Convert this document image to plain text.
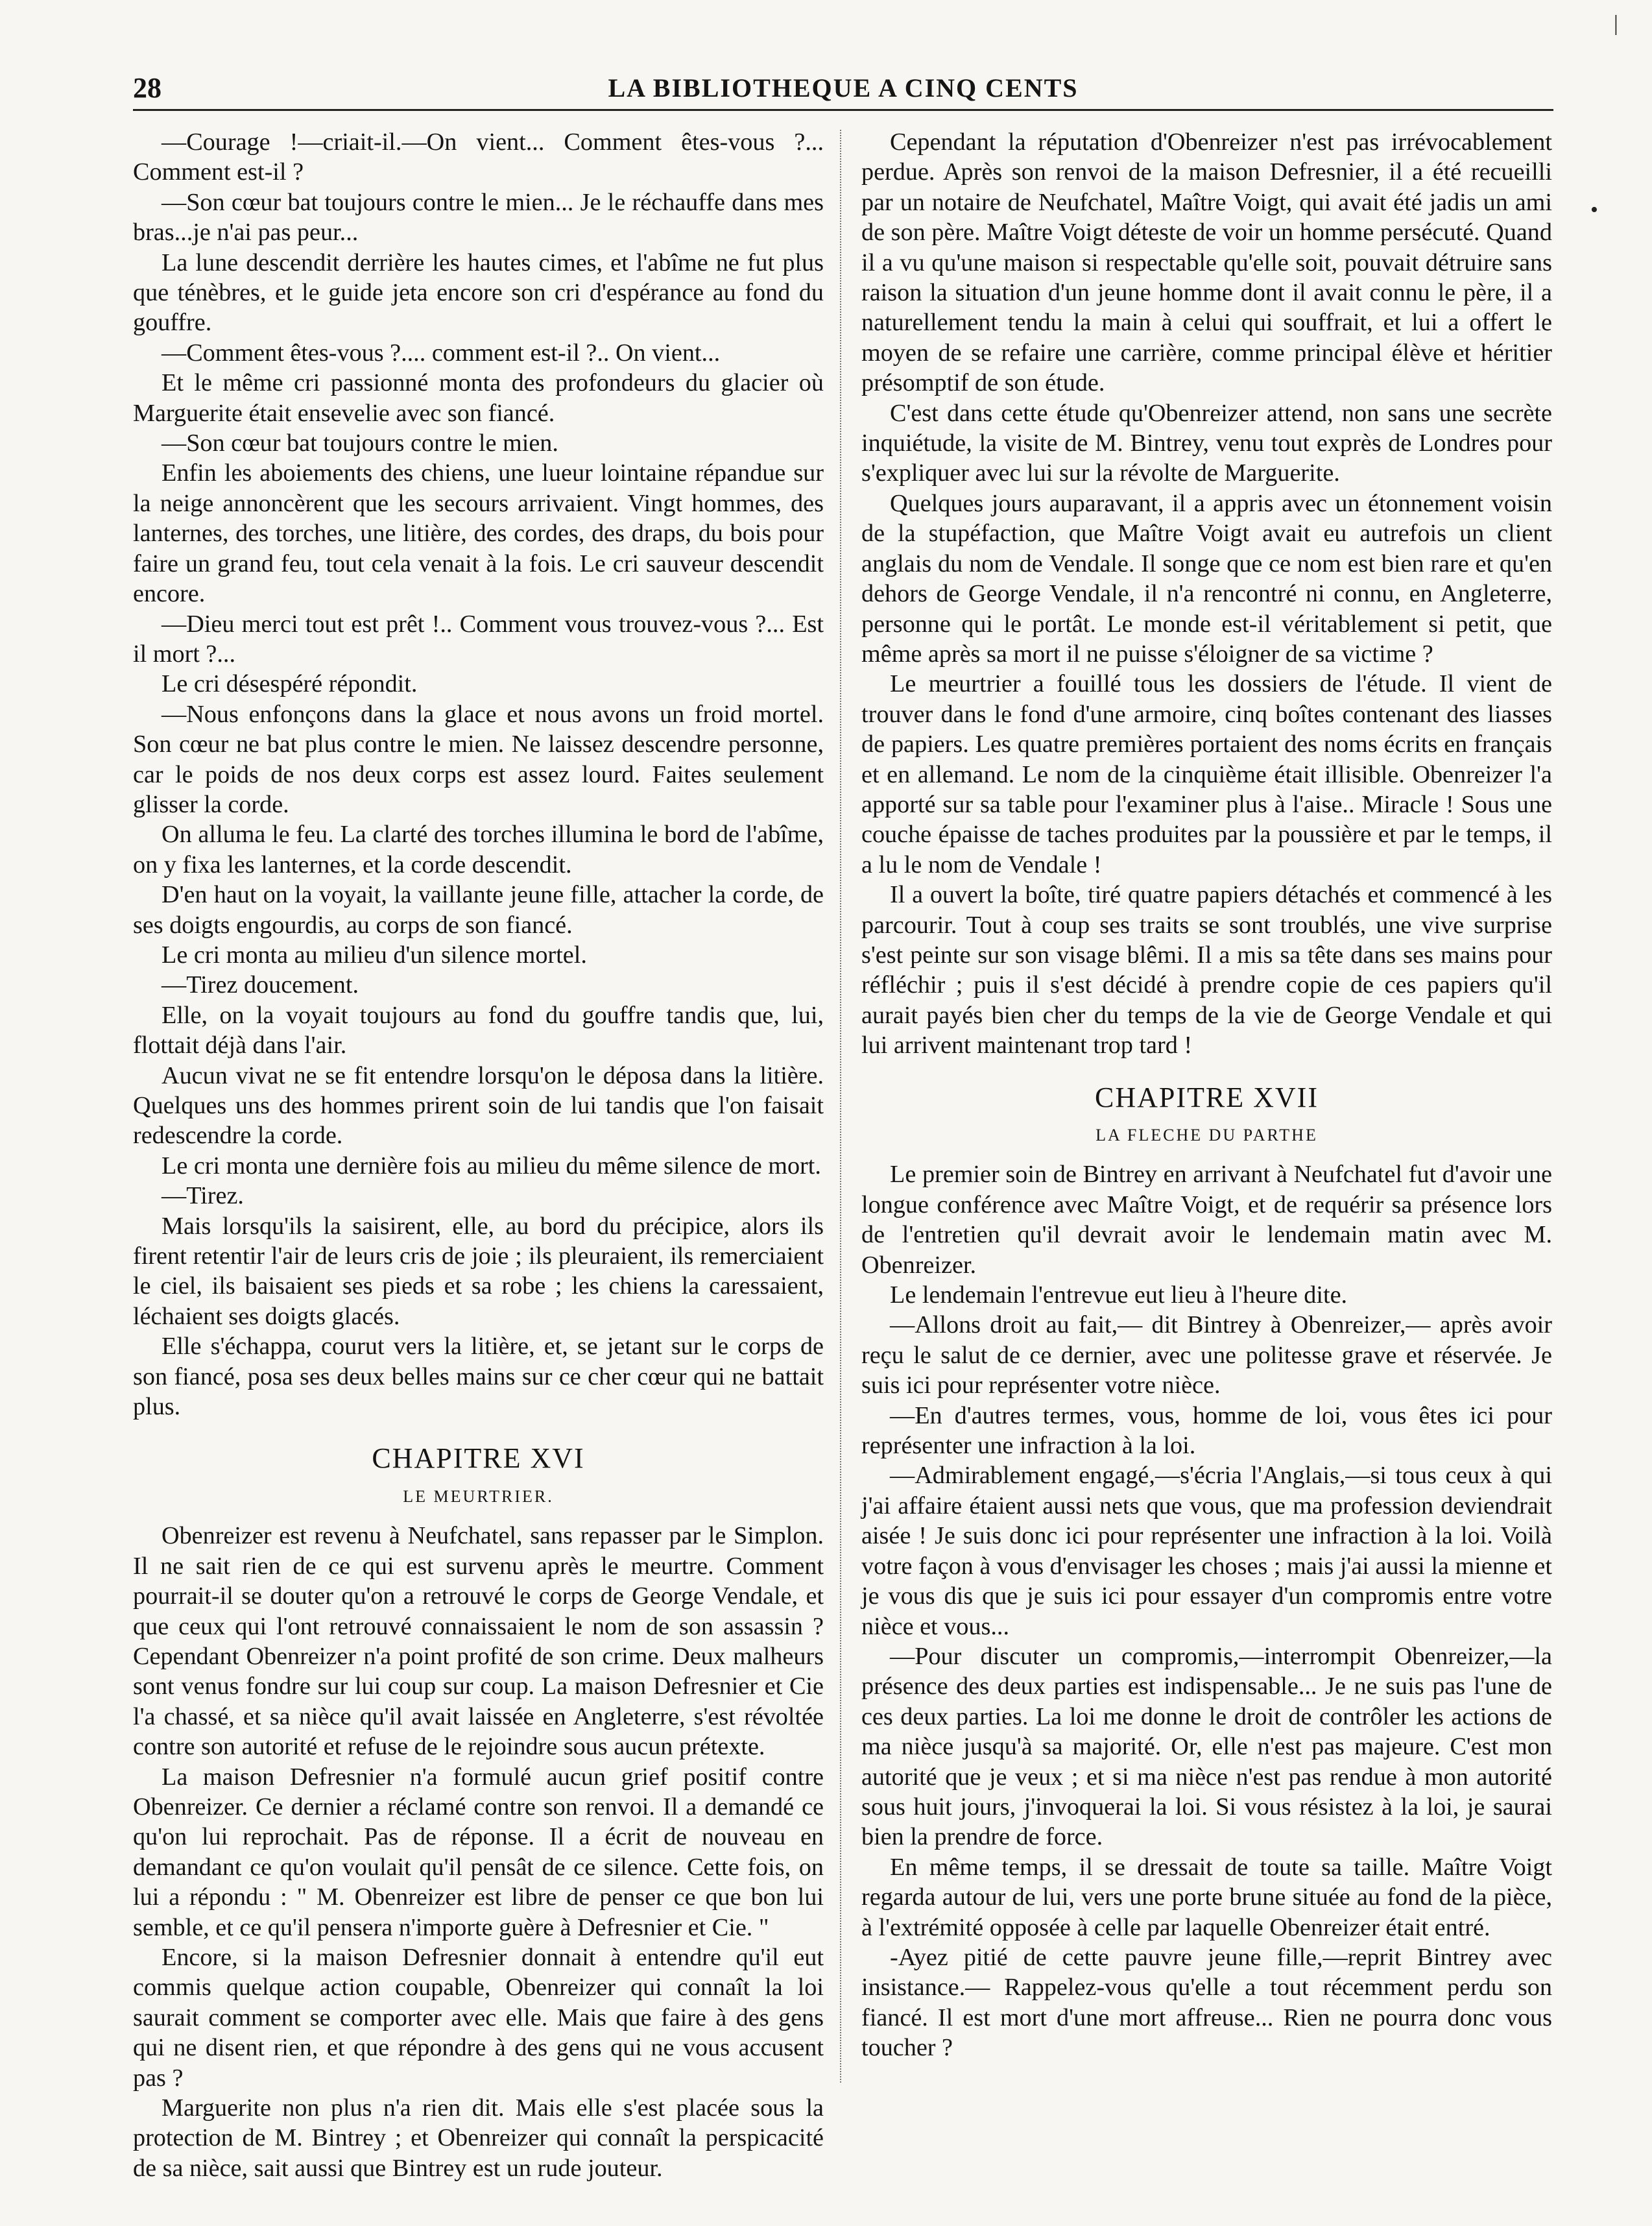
28	LA BIBLIOTHEQUE A CINQ CENTS
|
•

—Courage !—criait-il.—On vient... Comment êtes-vous ?... Comment est-il ?

—Son cœur bat toujours contre le mien... Je le réchauffe dans mes bras...je n'ai pas peur...

La lune descendit derrière les hautes cimes, et l'abîme ne fut plus que ténèbres, et le guide jeta encore son cri d'espérance au fond du gouffre.

—Comment êtes-vous ?.... comment est-il ?.. On vient...

Et le même cri passionné monta des profondeurs du glacier où Marguerite était ensevelie avec son fiancé.

—Son cœur bat toujours contre le mien.

Enfin les aboiements des chiens, une lueur lointaine répandue sur la neige annoncèrent que les secours arrivaient. Vingt hommes, des lanternes, des torches, une litière, des cordes, des draps, du bois pour faire un grand feu, tout cela venait à la fois. Le cri sauveur descendit encore.

—Dieu merci tout est prêt !.. Comment vous trouvez-vous ?... Est il mort ?...

Le cri désespéré répondit.

—Nous enfonçons dans la glace et nous avons un froid mortel. Son cœur ne bat plus contre le mien. Ne laissez descendre personne, car le poids de nos deux corps est assez lourd. Faites seulement glisser la corde.

On alluma le feu. La clarté des torches illumina le bord de l'abîme, on y fixa les lanternes, et la corde descendit.

D'en haut on la voyait, la vaillante jeune fille, attacher la corde, de ses doigts engourdis, au corps de son fiancé.

Le cri monta au milieu d'un silence mortel.

—Tirez doucement.

Elle, on la voyait toujours au fond du gouffre tandis que, lui, flottait déjà dans l'air.

Aucun vivat ne se fit entendre lorsqu'on le déposa dans la litière. Quelques uns des hommes prirent soin de lui tandis que l'on faisait redescendre la corde.

Le cri monta une dernière fois au milieu du même silence de mort.

—Tirez.

Mais lorsqu'ils la saisirent, elle, au bord du précipice, alors ils firent retentir l'air de leurs cris de joie ; ils pleuraient, ils remerciaient le ciel, ils baisaient ses pieds et sa robe ; les chiens la caressaient, léchaient ses doigts glacés.

Elle s'échappa, courut vers la litière, et, se jetant sur le corps de son fiancé, posa ses deux belles mains sur ce cher cœur qui ne battait plus.

CHAPITRE XVI
LE MEURTRIER.

Obenreizer est revenu à Neufchatel, sans repasser par le Simplon. Il ne sait rien de ce qui est survenu après le meurtre. Comment pourrait-il se douter qu'on a retrouvé le corps de George Vendale, et que ceux qui l'ont retrouvé connaissaient le nom de son assassin ? Cependant Obenreizer n'a point profité de son crime. Deux malheurs sont venus fondre sur lui coup sur coup. La maison Defresnier et Cie l'a chassé, et sa nièce qu'il avait laissée en Angleterre, s'est révoltée contre son autorité et refuse de le rejoindre sous aucun prétexte.

La maison Defresnier n'a formulé aucun grief positif contre Obenreizer. Ce dernier a réclamé contre son renvoi. Il a demandé ce qu'on lui reprochait. Pas de réponse. Il a écrit de nouveau en demandant ce qu'on voulait qu'il pensât de ce silence. Cette fois, on lui a répondu : " M. Obenreizer est libre de penser ce que bon lui semble, et ce qu'il pensera n'importe guère à Defresnier et Cie. "

Encore, si la maison Defresnier donnait à entendre qu'il eut commis quelque action coupable, Obenreizer qui connaît la loi saurait comment se comporter avec elle. Mais que faire à des gens qui ne disent rien, et que répondre à des gens qui ne vous accusent pas ?

Marguerite non plus n'a rien dit. Mais elle s'est placée sous la protection de M. Bintrey ; et Obenreizer qui connaît la perspicacité de sa nièce, sait aussi que Bintrey est un rude jouteur.

Cependant la réputation d'Obenreizer n'est pas irrévocablement perdue. Après son renvoi de la maison Defresnier, il a été recueilli par un notaire de Neufchatel, Maître Voigt, qui avait été jadis un ami de son père. Maître Voigt déteste de voir un homme persécuté. Quand il a vu qu'une maison si respectable qu'elle soit, pouvait détruire sans raison la situation d'un jeune homme dont il avait connu le père, il a naturellement tendu la main à celui qui souffrait, et lui a offert le moyen de se refaire une carrière, comme principal élève et héritier présomptif de son étude.

C'est dans cette étude qu'Obenreizer attend, non sans une secrète inquiétude, la visite de M. Bintrey, venu tout exprès de Londres pour s'expliquer avec lui sur la révolte de Marguerite.

Quelques jours auparavant, il a appris avec un étonnement voisin de la stupéfaction, que Maître Voigt avait eu autrefois un client anglais du nom de Vendale. Il songe que ce nom est bien rare et qu'en dehors de George Vendale, il n'a rencontré ni connu, en Angleterre, personne qui le portât. Le monde est-il véritablement si petit, que même après sa mort il ne puisse s'éloigner de sa victime ?

Le meurtrier a fouillé tous les dossiers de l'étude. Il vient de trouver dans le fond d'une armoire, cinq boîtes contenant des liasses de papiers. Les quatre premières portaient des noms écrits en français et en allemand. Le nom de la cinquième était illisible. Obenreizer l'a apporté sur sa table pour l'examiner plus à l'aise.. Miracle ! Sous une couche épaisse de taches produites par la poussière et par le temps, il a lu le nom de Vendale !

Il a ouvert la boîte, tiré quatre papiers détachés et commencé à les parcourir. Tout à coup ses traits se sont troublés, une vive surprise s'est peinte sur son visage blêmi. Il a mis sa tête dans ses mains pour réfléchir ; puis il s'est décidé à prendre copie de ces papiers qu'il aurait payés bien cher du temps de la vie de George Vendale et qui lui arrivent maintenant trop tard !

CHAPITRE XVII
LA FLECHE DU PARTHE

Le premier soin de Bintrey en arrivant à Neufchatel fut d'avoir une longue conférence avec Maître Voigt, et de requérir sa présence lors de l'entretien qu'il devrait avoir le lendemain matin avec M. Obenreizer.

Le lendemain l'entrevue eut lieu à l'heure dite.

—Allons droit au fait,— dit Bintrey à Obenreizer,— après avoir reçu le salut de ce dernier, avec une politesse grave et réservée. Je suis ici pour représenter votre nièce.

—En d'autres termes, vous, homme de loi, vous êtes ici pour représenter une infraction à la loi.

—Admirablement engagé,—s'écria l'Anglais,—si tous ceux à qui j'ai affaire étaient aussi nets que vous, que ma profession deviendrait aisée ! Je suis donc ici pour représenter une infraction à la loi. Voilà votre façon à vous d'envisager les choses ; mais j'ai aussi la mienne et je vous dis que je suis ici pour essayer d'un compromis entre votre nièce et vous...

—Pour discuter un compromis,—interrompit Obenreizer,—la présence des deux parties est indispensable... Je ne suis pas l'une de ces deux parties. La loi me donne le droit de contrôler les actions de ma nièce jusqu'à sa majorité. Or, elle n'est pas majeure. C'est mon autorité que je veux ; et si ma nièce n'est pas rendue à mon autorité sous huit jours, j'invoquerai la loi. Si vous résistez à la loi, je saurai bien la prendre de force.

En même temps, il se dressait de toute sa taille. Maître Voigt regarda autour de lui, vers une porte brune située au fond de la pièce, à l'extrémité opposée à celle par laquelle Obenreizer était entré.

-Ayez pitié de cette pauvre jeune fille,—reprit Bintrey avec insistance.— Rappelez-vous qu'elle a tout récemment perdu son fiancé. Il est mort d'une mort affreuse... Rien ne pourra donc vous toucher ?
